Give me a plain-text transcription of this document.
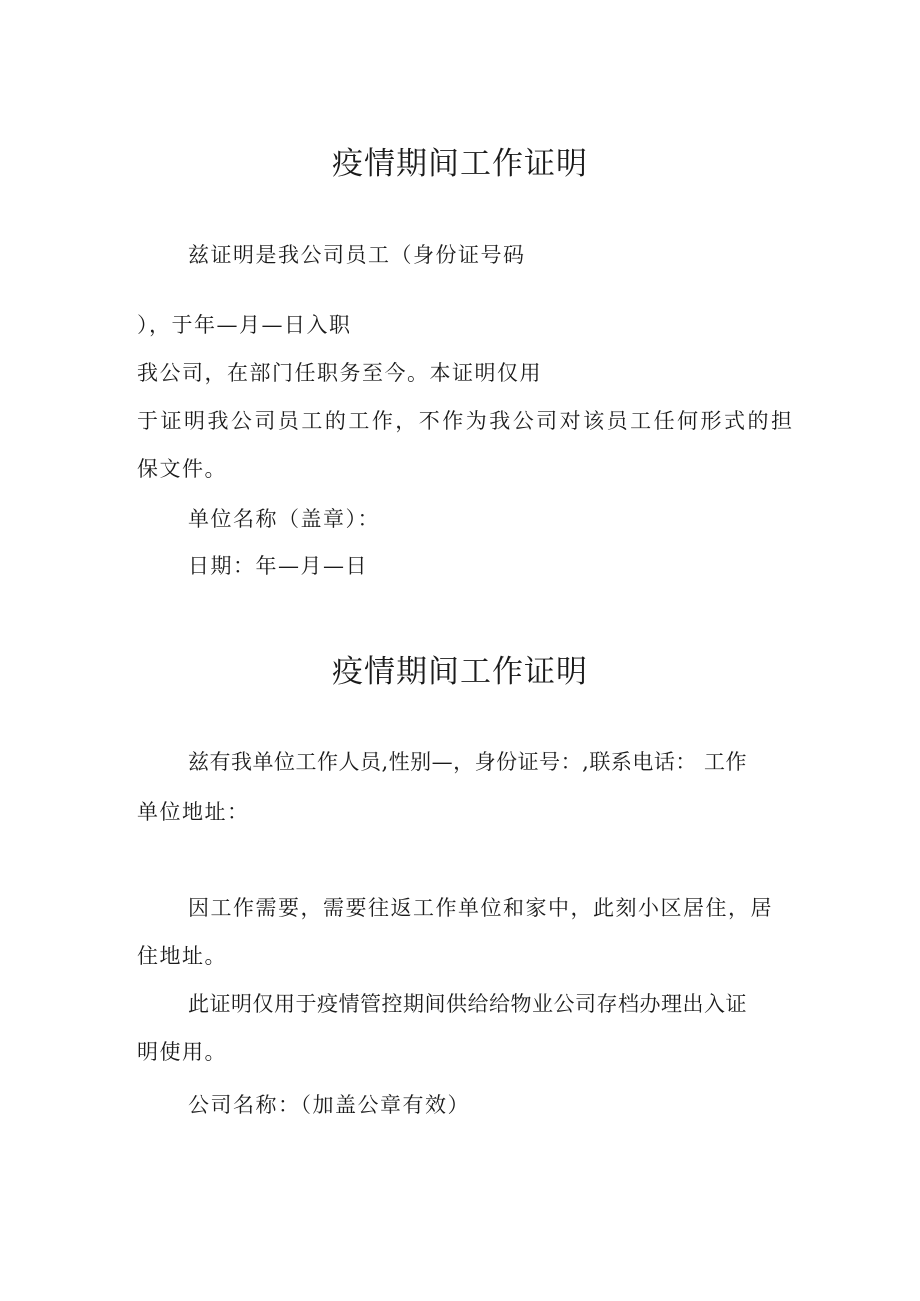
疫情期间工作证明
兹证明是我公司员工（身份证号码
），于年—月—日入职
我公司，在部门任职务至今。本证明仅用
于证明我公司员工的工作，不作为我公司对该员工任何形式的担
保文件。
单位名称（盖章）：
日期：年—月—日
疫情期间工作证明
兹有我单位工作人员,性别—，身份证号：,联系电话： 工作
单位地址：
因工作需要，需要往返工作单位和家中，此刻小区居住，居
住地址。
此证明仅用于疫情管控期间供给给物业公司存档办理出入证
明使用。
公司名称：（加盖公章有效）
